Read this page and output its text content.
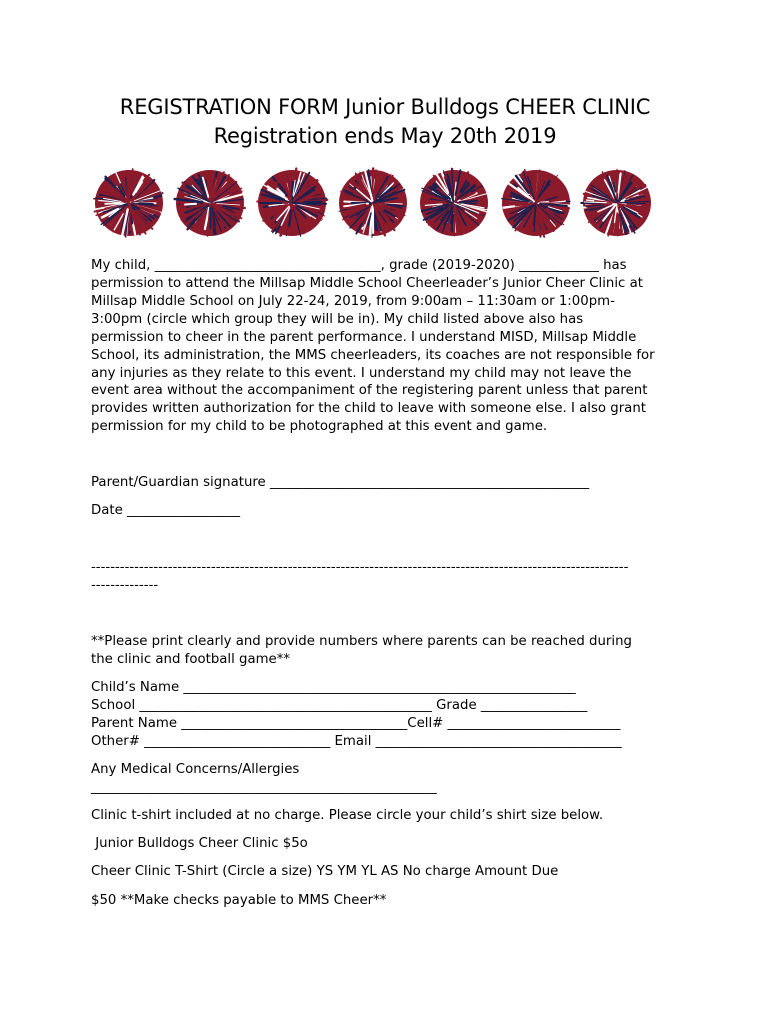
REGISTRATION FORM Junior Bulldogs CHEER CLINIC
Registration ends May 20th 2019
My child, __________________________________, grade (2019-2020) ____________ has
permission to attend the Millsap Middle School Cheerleader’s Junior Cheer Clinic at
Millsap Middle School on July 22-24, 2019, from 9:00am – 11:30am or 1:00pm-
3:00pm (circle which group they will be in). My child listed above also has
permission to cheer in the parent performance. I understand MISD, Millsap Middle
School, its administration, the MMS cheerleaders, its coaches are not responsible for
any injuries as they relate to this event. I understand my child may not leave the
event area without the accompaniment of the registering parent unless that parent
provides written authorization for the child to leave with someone else. I also grant
permission for my child to be photographed at this event and game.
Parent/Guardian signature ________________________________________________
Date _________________
----------------------------------------------------------------------------------------------------------------
--------------
**Please print clearly and provide numbers where parents can be reached during
the clinic and football game**
Child’s Name ___________________________________________________________
School ____________________________________________ Grade ________________
Parent Name __________________________________Cell# __________________________
Other# ____________________________ Email _____________________________________
Any Medical Concerns/Allergies
____________________________________________________
Clinic t-shirt included at no charge. Please circle your child’s shirt size below.
Junior Bulldogs Cheer Clinic $5o
Cheer Clinic T-Shirt (Circle a size) YS YM YL AS No charge Amount Due
$50 **Make checks payable to MMS Cheer**
